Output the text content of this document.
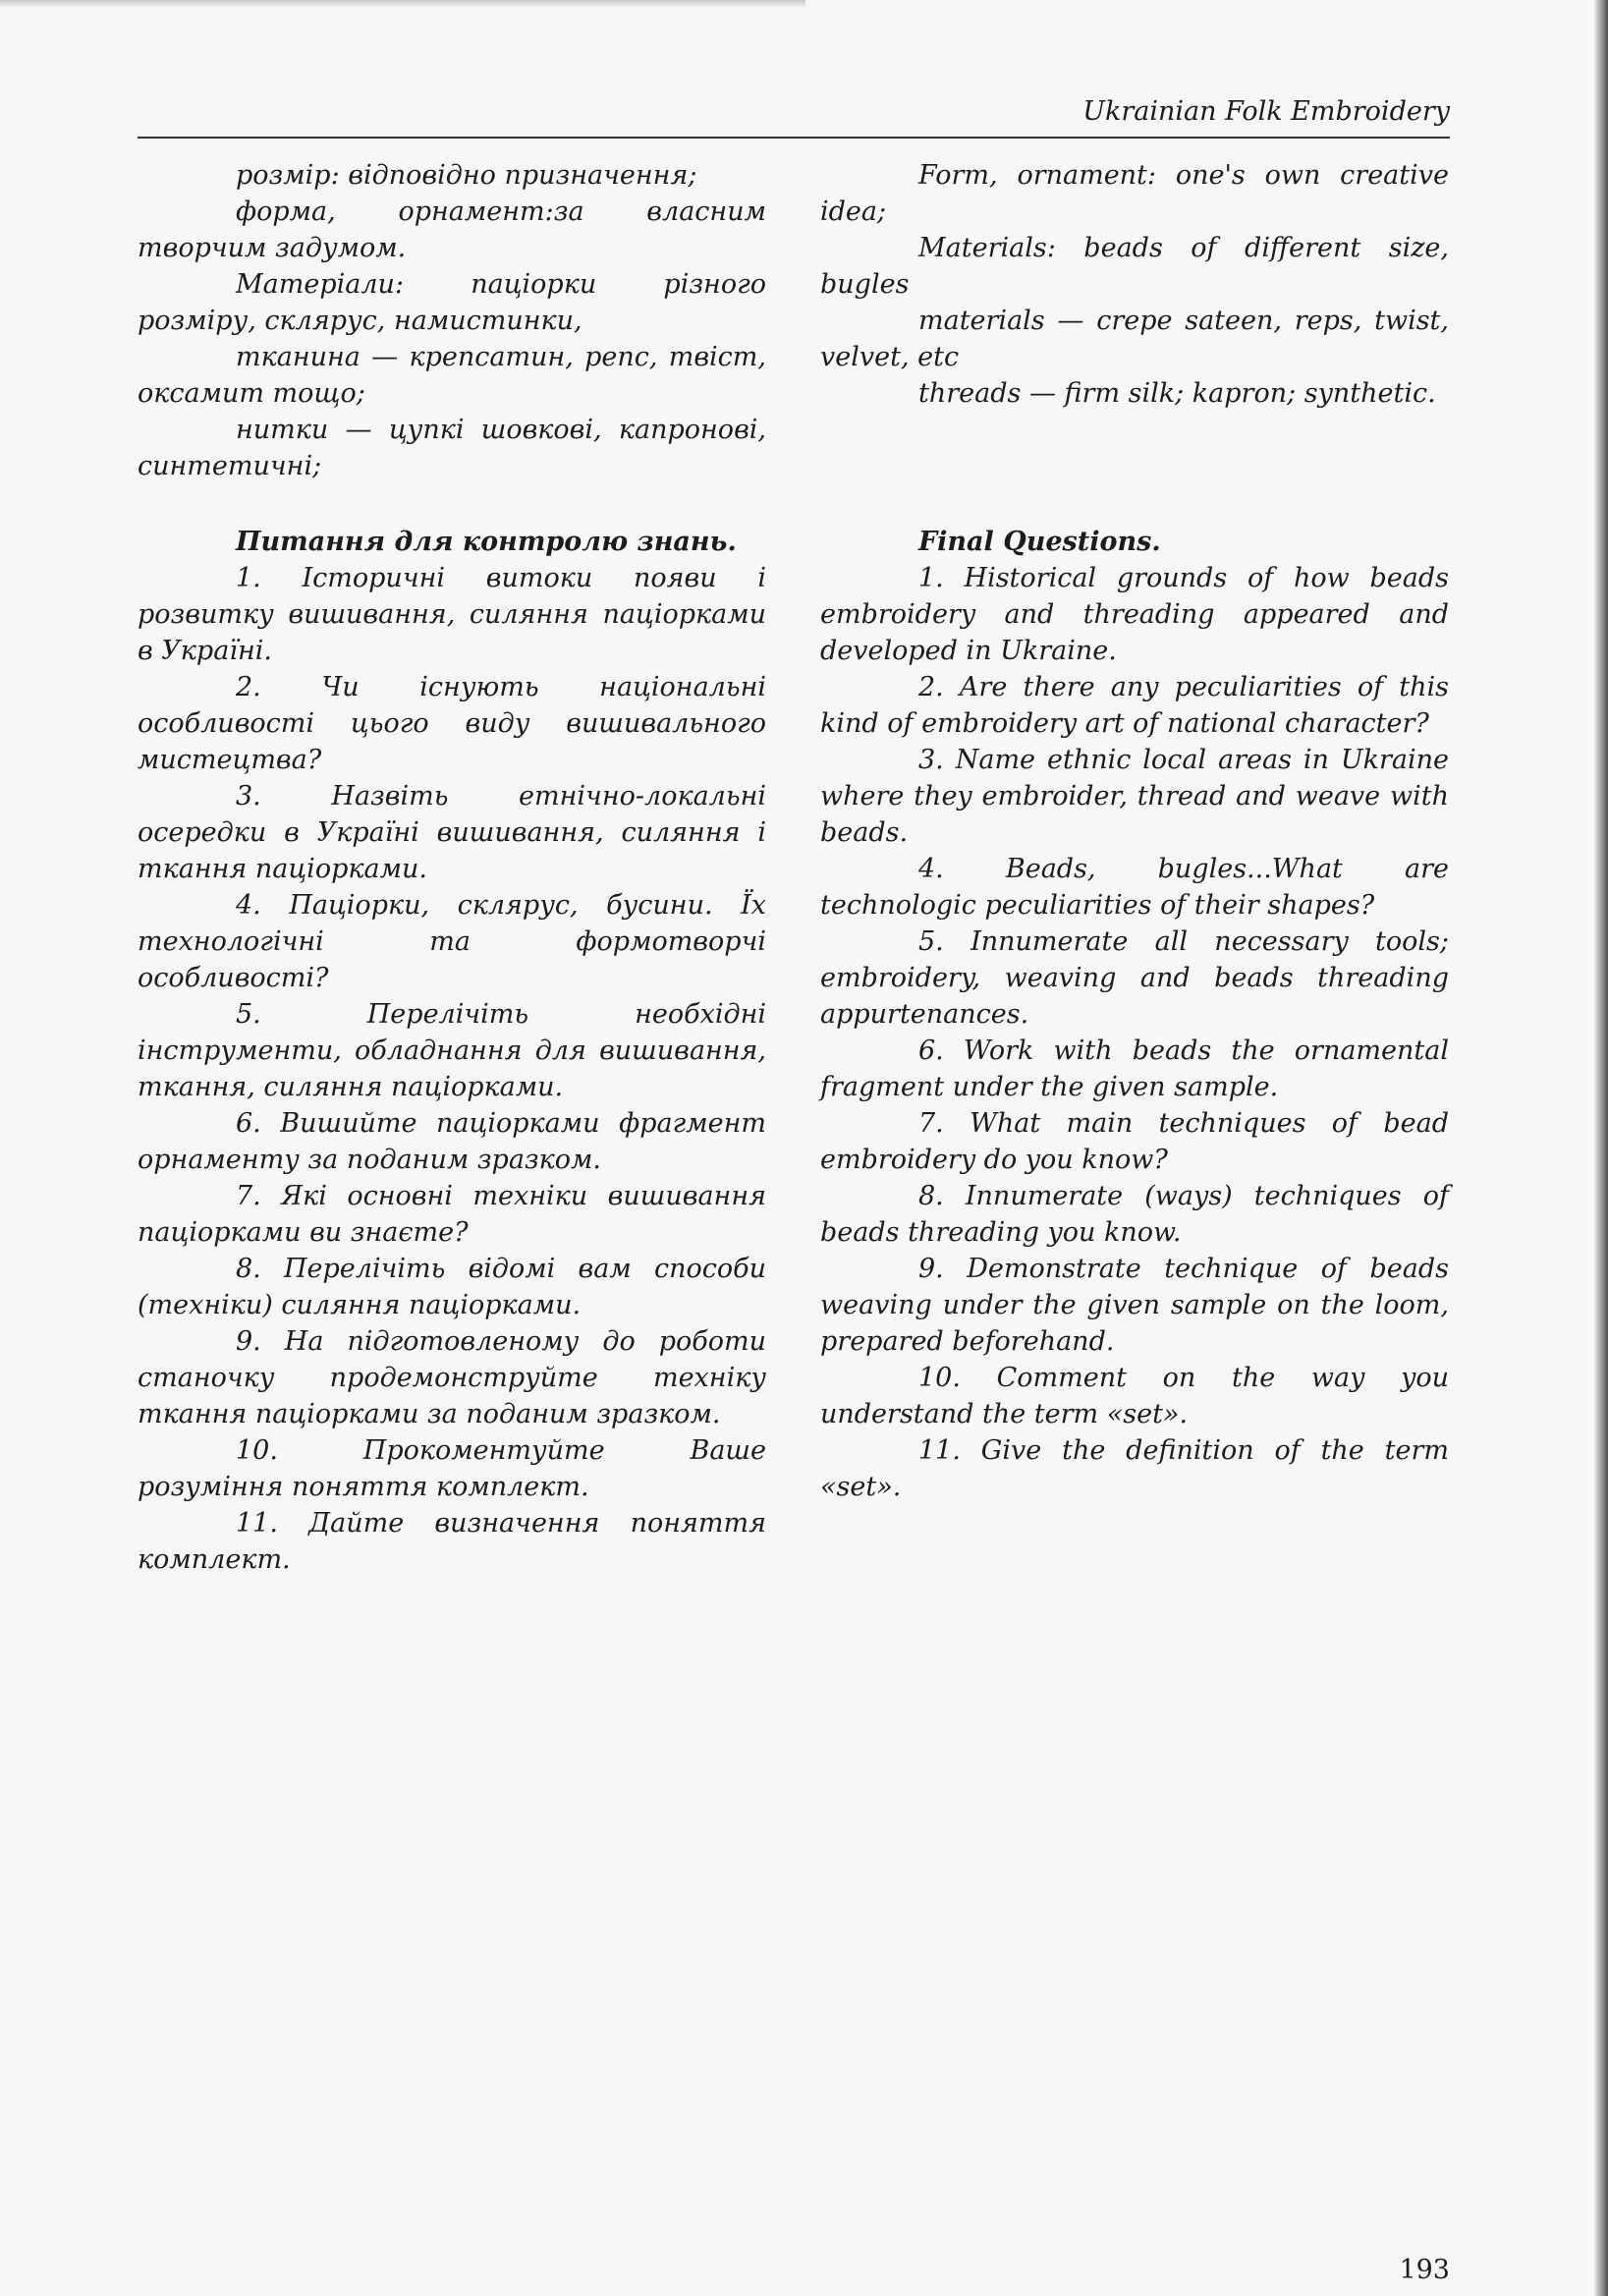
Ukrainian Folk Embroidery

розмір: відповідно призначення;

форма, орнамент:за власним творчим задумом.

Матеріали: паціорки різного розміру, склярус, намистинки,

тканина — крепсатин, репс, твіст, оксамит тощо;

нитки — цупкі шовкові, капронові, синтетичні;

Питання для контролю знань.

1. Історичні витоки появи і розвитку вишивання, силяння паціорками в Україні.

2. Чи існують національні особливості цього виду вишивального мистецтва?

3. Назвіть етнічно-локальні осередки в Україні вишивання, силяння і ткання паціорками.

4. Паціорки, склярус, бусини. Їх технологічні та формотворчі особливості?

5. Перелічіть необхідні інструменти, обладнання для вишивання, ткання, силяння паціорками.

6. Вишийте паціорками фрагмент орнаменту за поданим зразком.

7. Які основні техніки вишивання паціорками ви знаєте?

8. Перелічіть відомі вам способи (техніки) силяння паціорками.

9. На підготовленому до роботи станочку продемонструйте техніку ткання паціорками за поданим зразком.

10. Прокоментуйте Ваше розуміння поняття комплект.

11. Дайте визначення поняття комплект.

Form, ornament: one's own creative idea;

Materials: beads of different size, bugles

materials — crepe sateen, reps, twist, velvet, etc

threads — firm silk; kapron; synthetic.

Final Questions.

1. Historical grounds of how beads embroidery and threading appeared and developed in Ukraine.

2. Are there any peculiarities of this kind of embroidery art of national character?

3. Name ethnic local areas in Ukraine where they embroider, thread and weave with beads.

4. Beads, bugles...What are technologic peculiarities of their shapes?

5. Innumerate all necessary tools; embroidery, weaving and beads threading appurtenances.

6. Work with beads the ornamental fragment under the given sample.

7. What main techniques of bead embroidery do you know?

8. Innumerate (ways) techniques of beads threading you know.

9. Demonstrate technique of beads weaving under the given sample on the loom, prepared beforehand.

10. Comment on the way you understand the term «set».

11. Give the definition of the term «set».

193
